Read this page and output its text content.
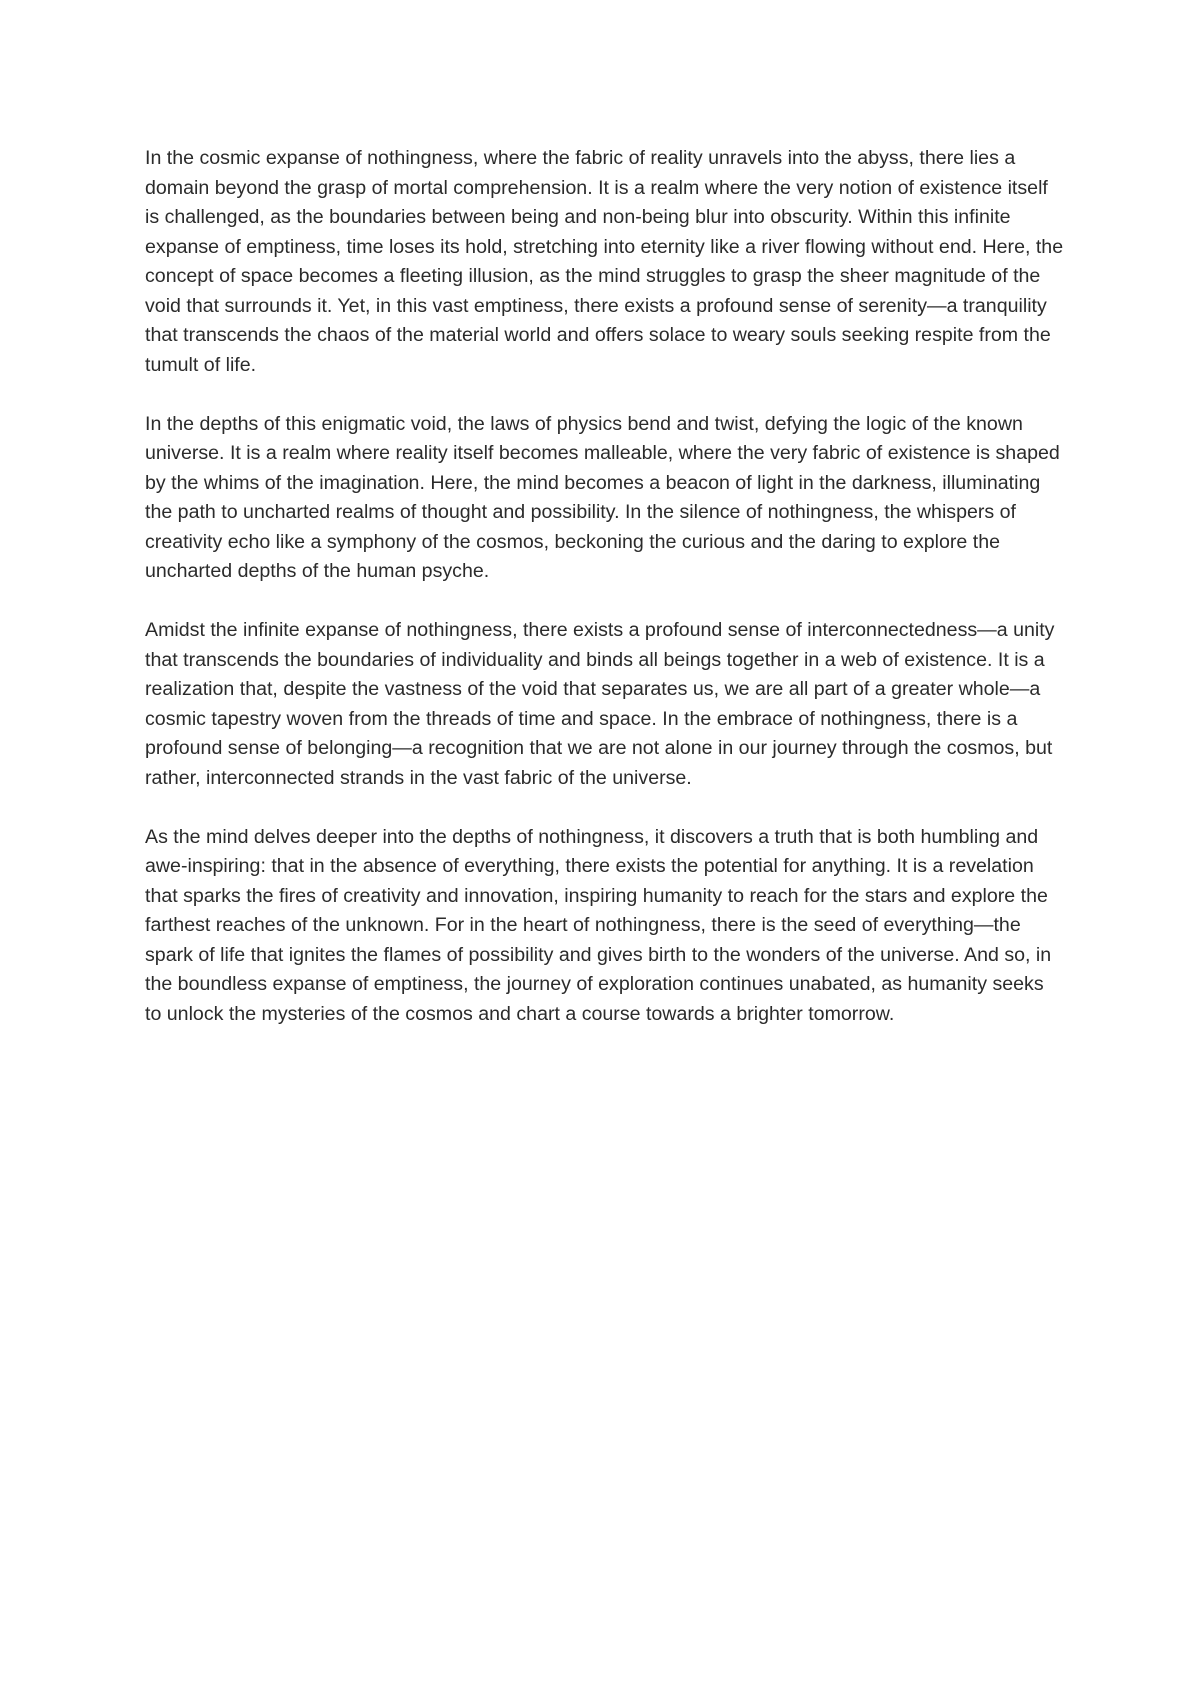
In the cosmic expanse of nothingness, where the fabric of reality unravels into the abyss, there lies a domain beyond the grasp of mortal comprehension. It is a realm where the very notion of existence itself is challenged, as the boundaries between being and non-being blur into obscurity. Within this infinite expanse of emptiness, time loses its hold, stretching into eternity like a river flowing without end. Here, the concept of space becomes a fleeting illusion, as the mind struggles to grasp the sheer magnitude of the void that surrounds it. Yet, in this vast emptiness, there exists a profound sense of serenity—a tranquility that transcends the chaos of the material world and offers solace to weary souls seeking respite from the tumult of life.

In the depths of this enigmatic void, the laws of physics bend and twist, defying the logic of the known universe. It is a realm where reality itself becomes malleable, where the very fabric of existence is shaped by the whims of the imagination. Here, the mind becomes a beacon of light in the darkness, illuminating the path to uncharted realms of thought and possibility. In the silence of nothingness, the whispers of creativity echo like a symphony of the cosmos, beckoning the curious and the daring to explore the uncharted depths of the human psyche.

Amidst the infinite expanse of nothingness, there exists a profound sense of interconnectedness—a unity that transcends the boundaries of individuality and binds all beings together in a web of existence. It is a realization that, despite the vastness of the void that separates us, we are all part of a greater whole—a cosmic tapestry woven from the threads of time and space. In the embrace of nothingness, there is a profound sense of belonging—a recognition that we are not alone in our journey through the cosmos, but rather, interconnected strands in the vast fabric of the universe.

As the mind delves deeper into the depths of nothingness, it discovers a truth that is both humbling and awe-inspiring: that in the absence of everything, there exists the potential for anything. It is a revelation that sparks the fires of creativity and innovation, inspiring humanity to reach for the stars and explore the farthest reaches of the unknown. For in the heart of nothingness, there is the seed of everything—the spark of life that ignites the flames of possibility and gives birth to the wonders of the universe. And so, in the boundless expanse of emptiness, the journey of exploration continues unabated, as humanity seeks to unlock the mysteries of the cosmos and chart a course towards a brighter tomorrow.
